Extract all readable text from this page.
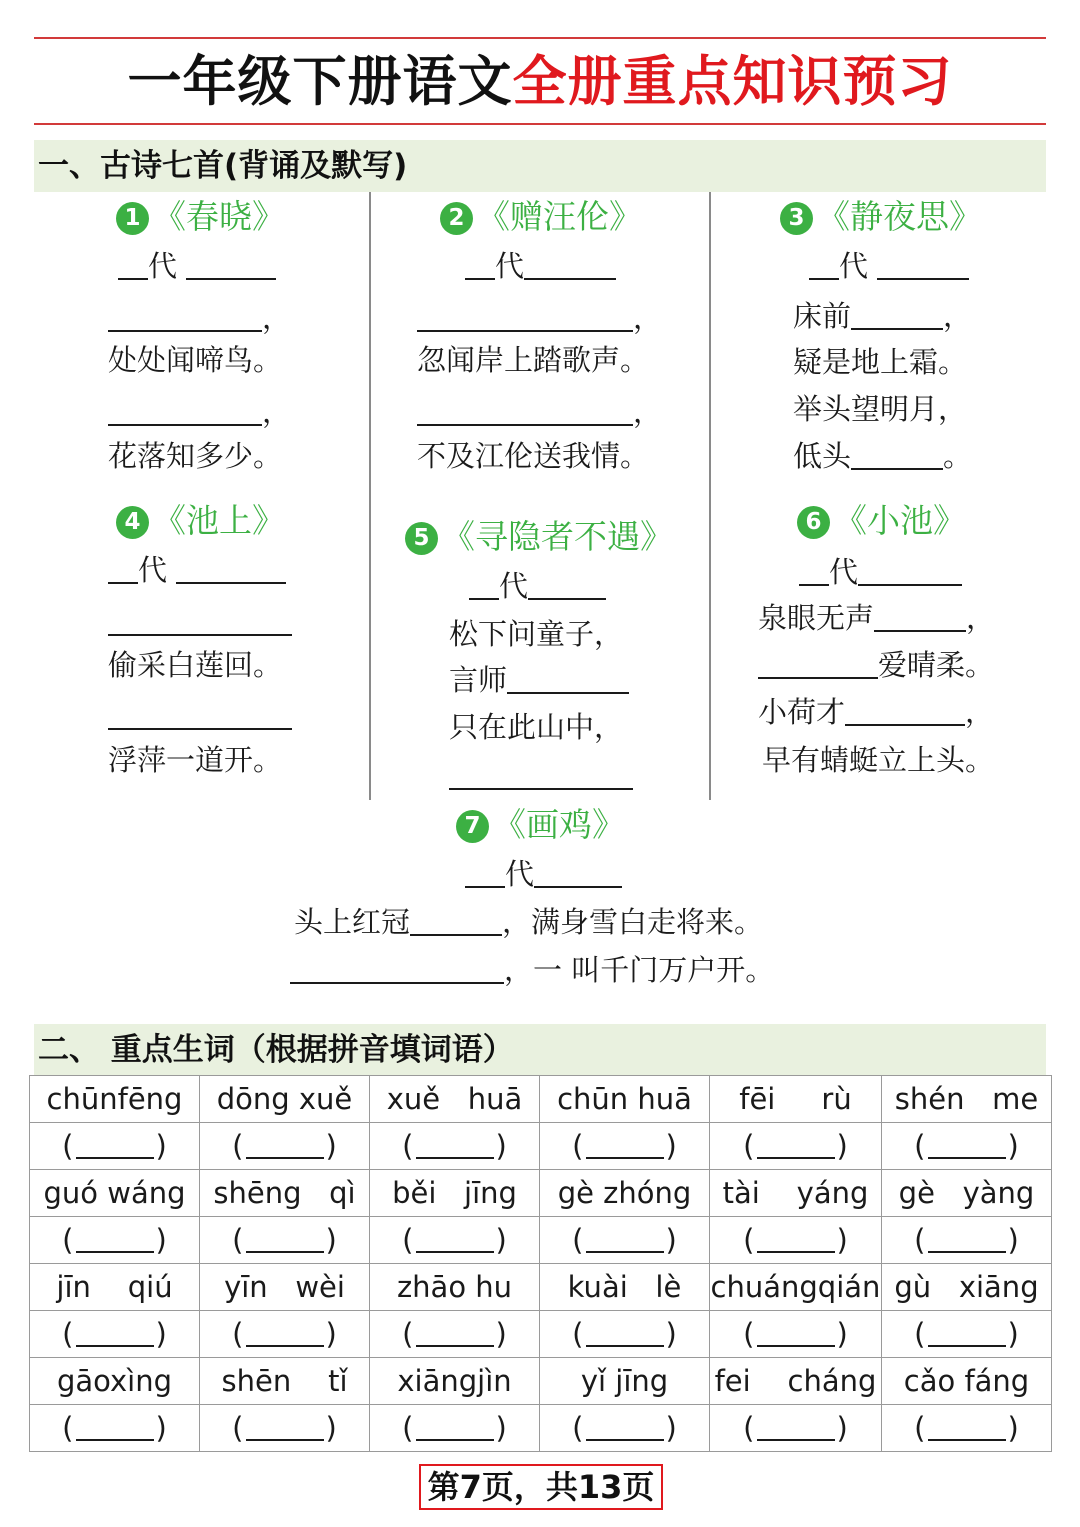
一年级下册语文全册重点知识预习
一、古诗七首(背诵及默写)
1 《春晓》
代
，
处处闻啼鸟。
，
花落知多少。
2 《赠汪伦》
代
，
忽闻岸上踏歌声。
，
不及江伦送我情。
3 《静夜思》
代
床前	，
疑是地上霜。
举头望明月，
低头	。
4 《池上》
代
偷采白莲回。
浮萍一道开。
5 《寻隐者不遇》
代
松下问童子，
言师
只在此山中，
6 《小池》
代
泉眼无声	，
爱晴柔。
小荷才	，
早有蜻蜓立上头。
7 《画鸡》
代
头上红冠	，满身雪白走将来。
，一 叫千门万户开。
二、 重点生词（根据拼音填词语）
chūnfēng	dōng xuě	xuě   huā	chūn huā	fēi     rù	shén   me
( )	( )	( )	( )	( )	( )
guó wáng	shēng   qì	běi   jīng	gè zhóng	tài    yáng	gè   yàng
( )	( )	( )	( )	( )	( )
jīn    qiú	yīn   wèi	zhāo hu	kuài   lè	chuángqián	gù   xiāng
( )	( )	( )	( )	( )	( )
gāoxìng	shēn    tǐ	xiāngjìn	yǐ jīng	fei    cháng	cǎo fáng
( )	( )	( )	( )	( )	( )
第7页，共13页
